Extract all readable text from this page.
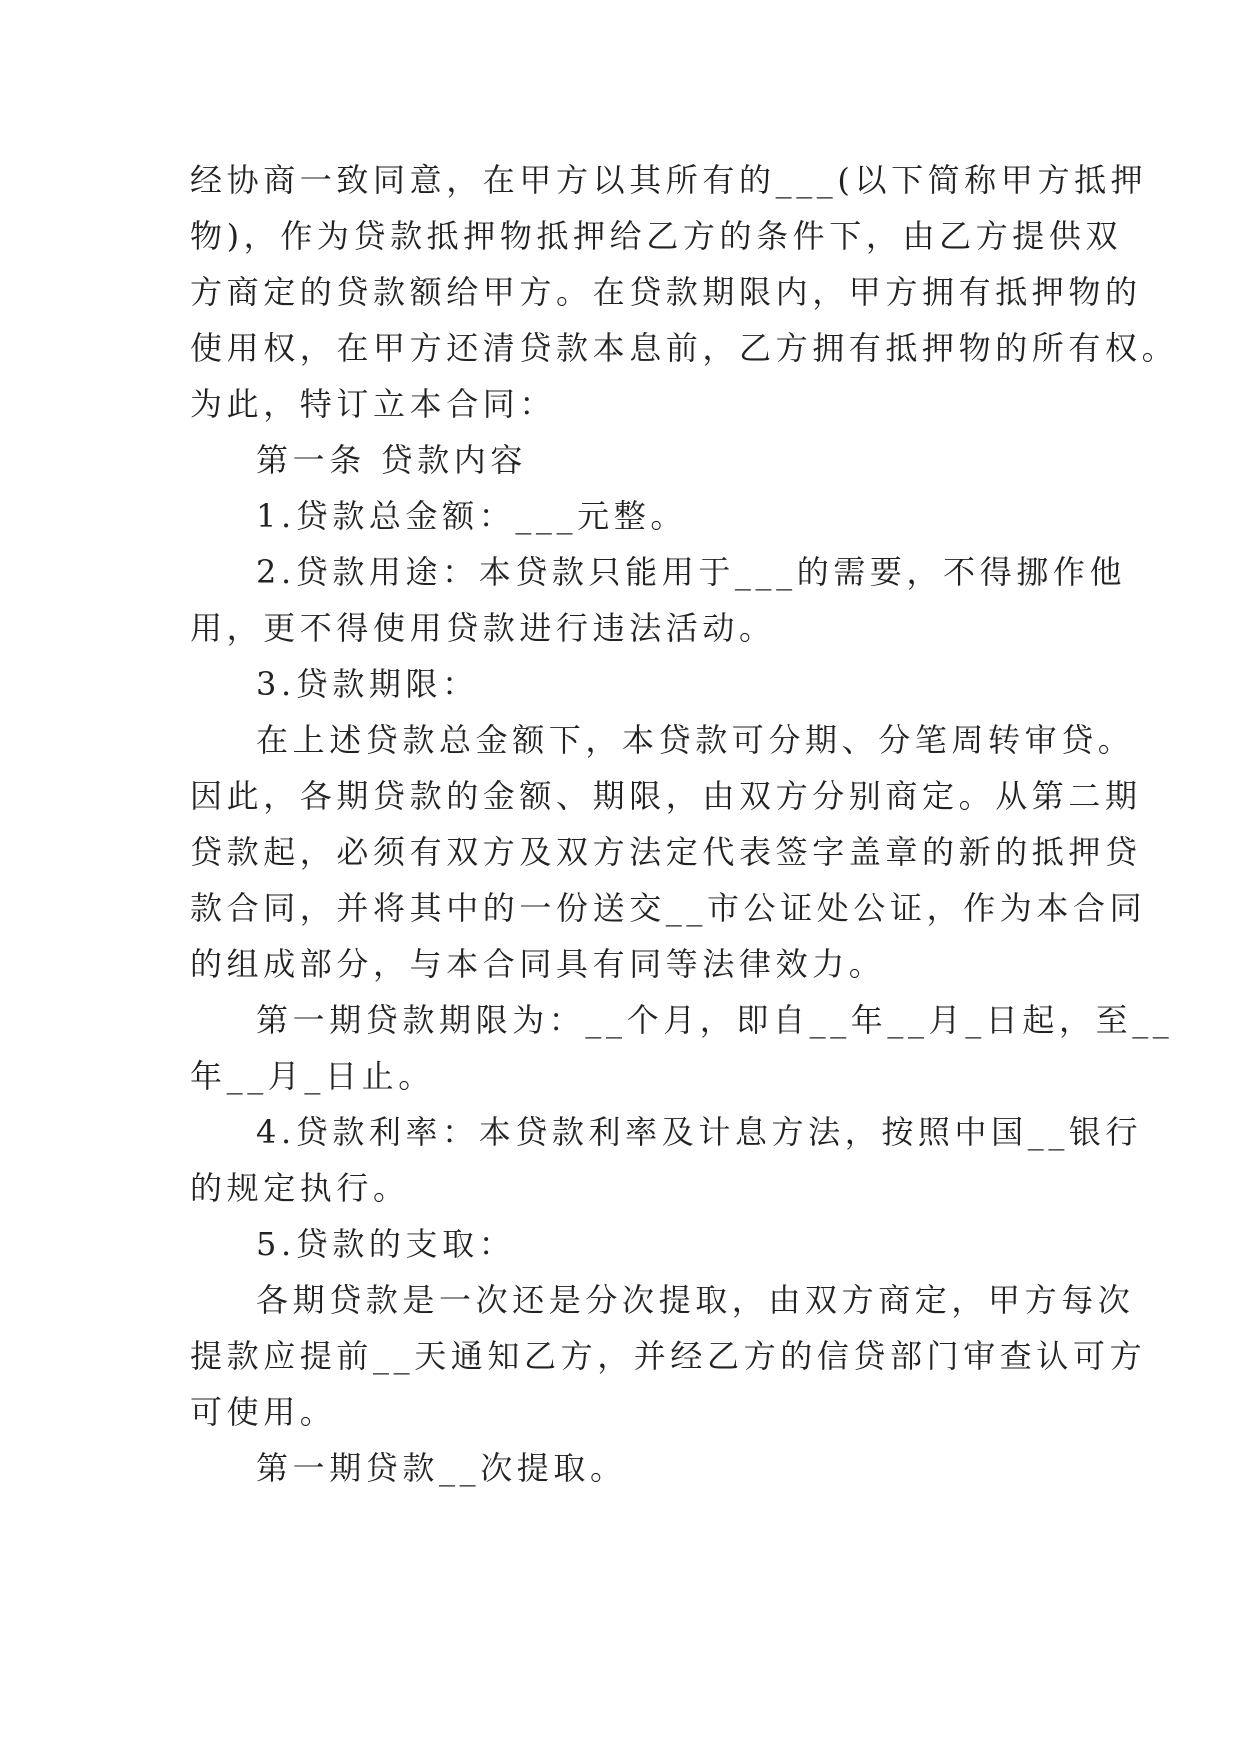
经协商一致同意，在甲方以其所有的___(以下简称甲方抵押
物)，作为贷款抵押物抵押给乙方的条件下，由乙方提供双
方商定的贷款额给甲方。在贷款期限内，甲方拥有抵押物的
使用权，在甲方还清贷款本息前，乙方拥有抵押物的所有权。
为此，特订立本合同：
第一条 贷款内容
1.贷款总金额：___元整。
2.贷款用途：本贷款只能用于___的需要，不得挪作他
用，更不得使用贷款进行违法活动。
3.贷款期限：
在上述贷款总金额下，本贷款可分期、分笔周转审贷。
因此，各期贷款的金额、期限，由双方分别商定。从第二期
贷款起，必须有双方及双方法定代表签字盖章的新的抵押贷
款合同，并将其中的一份送交__市公证处公证，作为本合同
的组成部分，与本合同具有同等法律效力。
第一期贷款期限为：__个月，即自__年__月_日起，至__
年__月_日止。
4.贷款利率：本贷款利率及计息方法，按照中国__银行
的规定执行。
5.贷款的支取：
各期贷款是一次还是分次提取，由双方商定，甲方每次
提款应提前__天通知乙方，并经乙方的信贷部门审查认可方
可使用。
第一期贷款__次提取。
